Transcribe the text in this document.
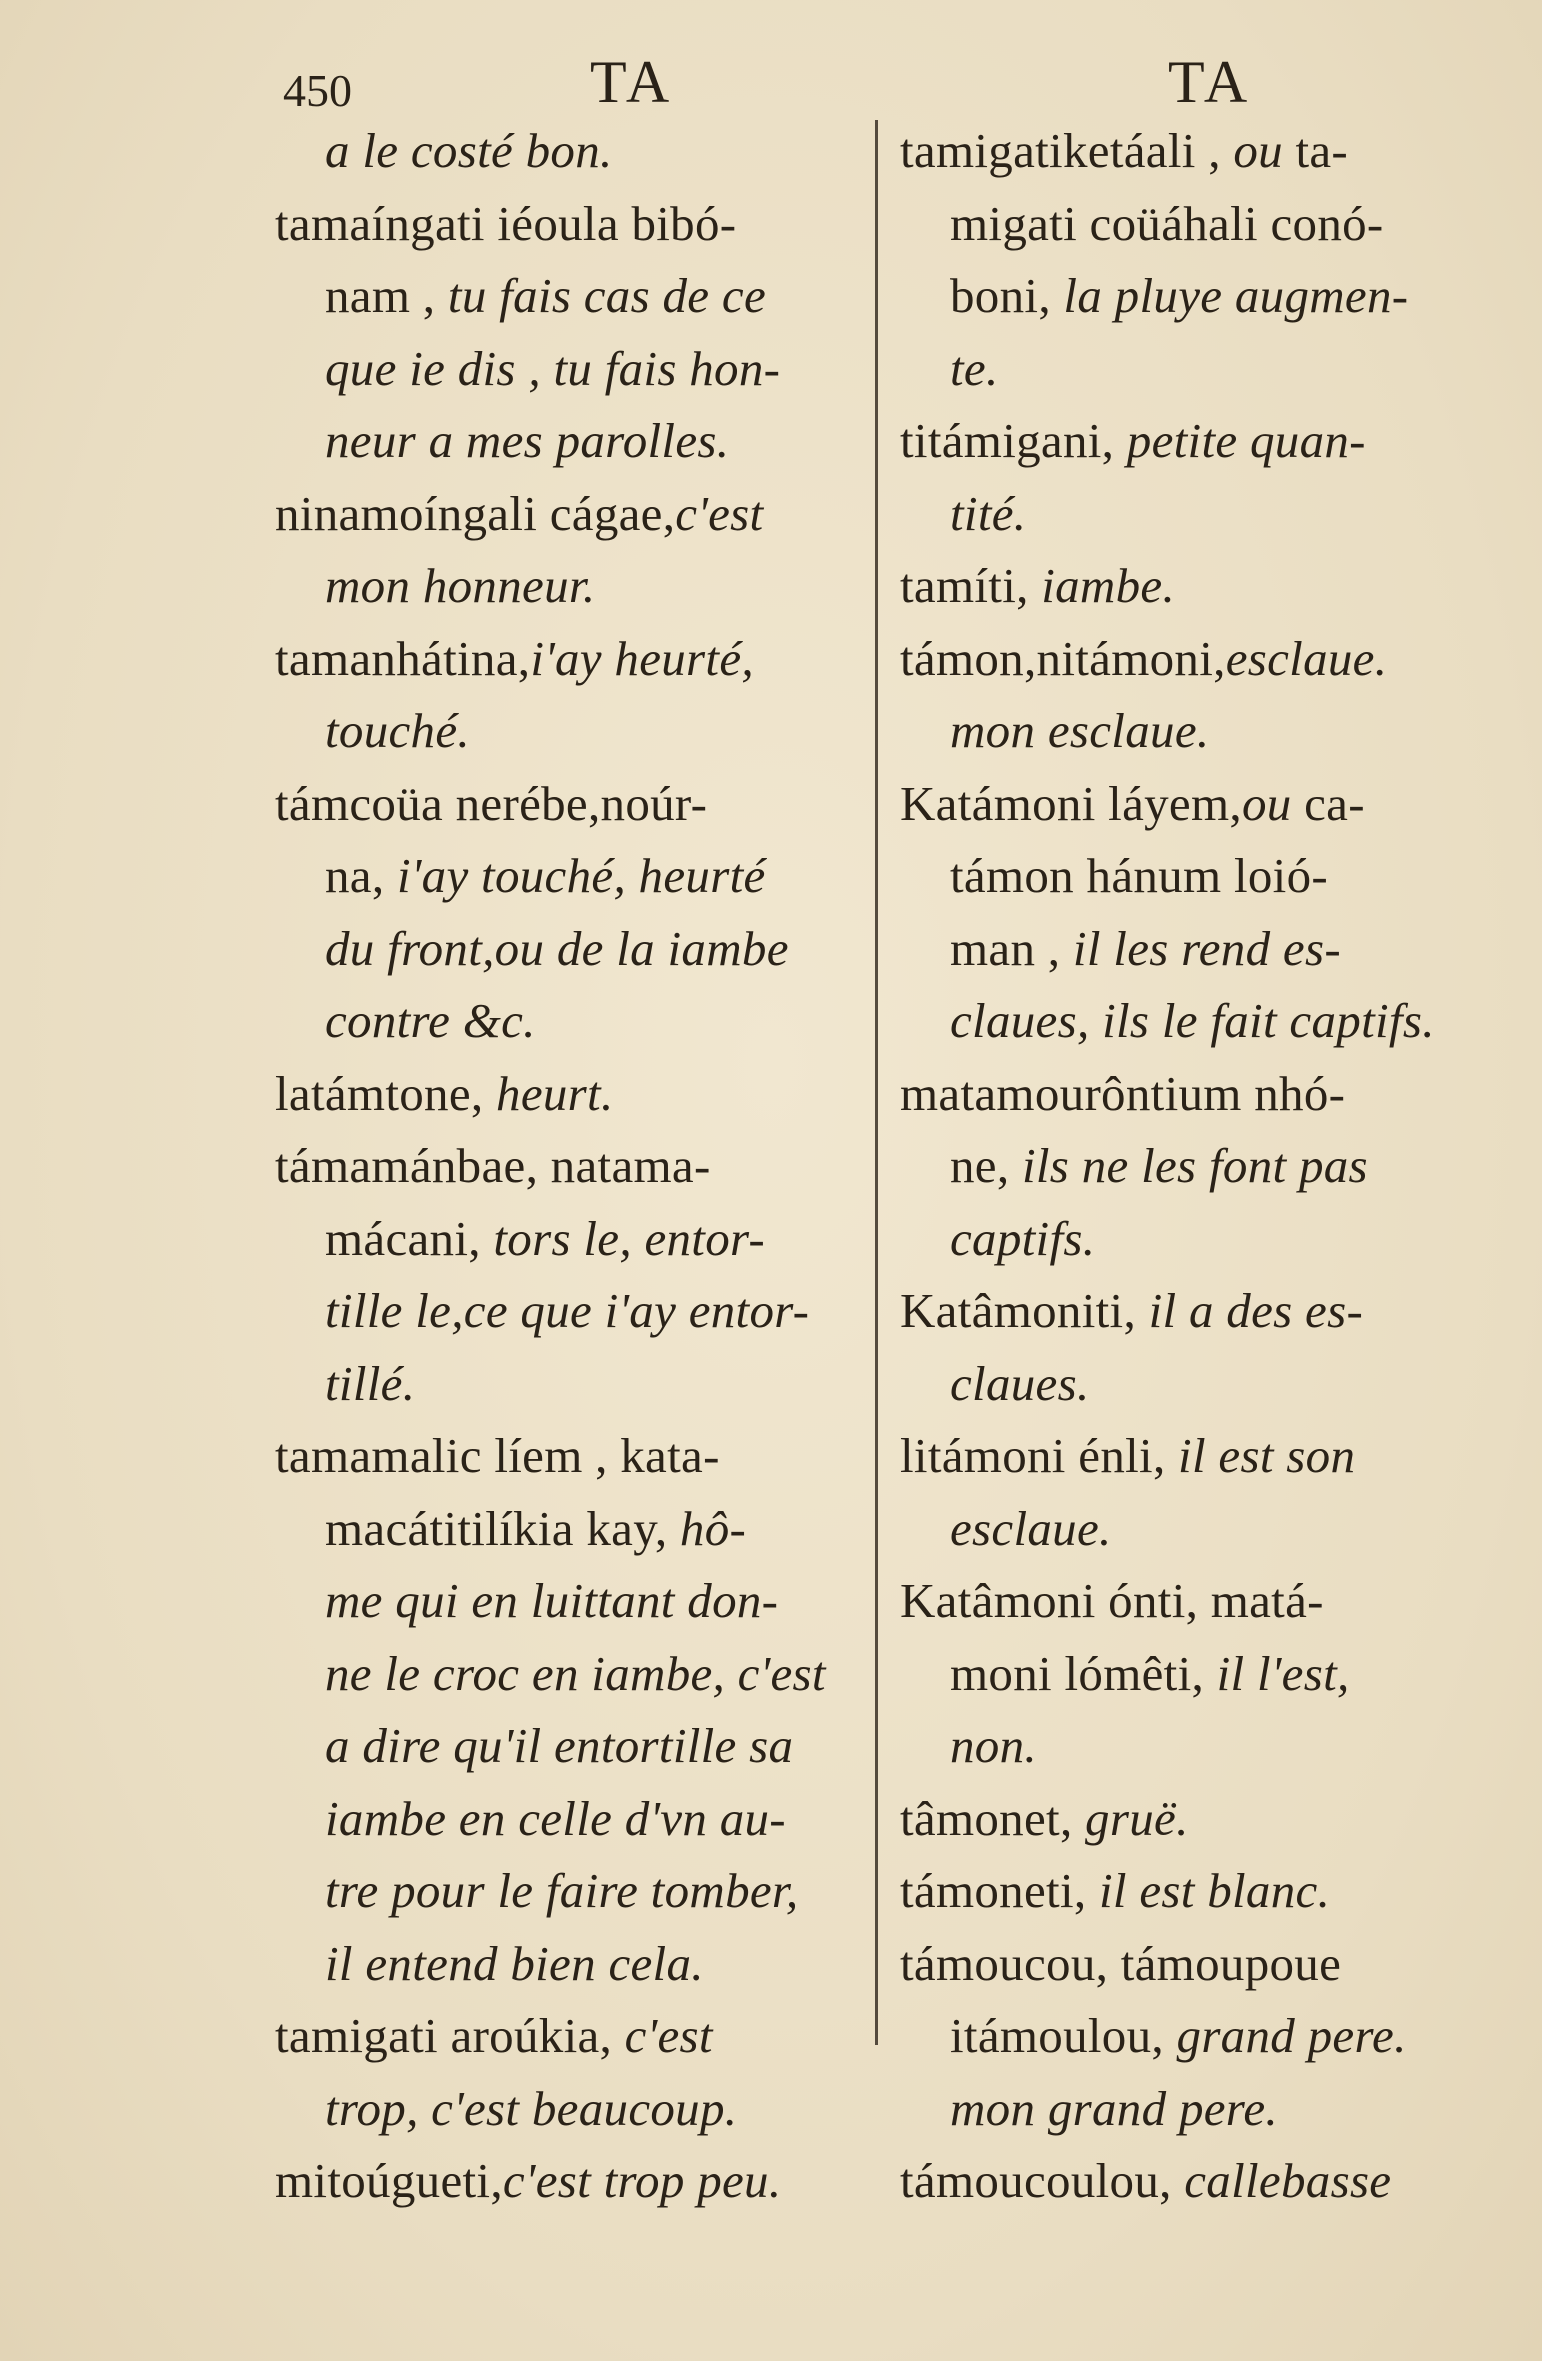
450	TA	TA
a le costé bon.
tamaíngati iéoula bibó-
nam , tu fais cas de ce
que ie dis , tu fais hon-
neur a mes parolles.
ninamoíngali cágae,c'est
mon honneur.
tamanhátina,i'ay heurté,
touché.
támcoüa nerébe,noúr-
na, i'ay touché, heurté
du front,ou de la iambe
contre &c.
latámtone, heurt.
támamánbae, natama-
mácani, tors le, entor-
tille le,ce que i'ay entor-
tillé.
tamamalic líem , kata-
macátitilíkia kay, hô-
me qui en luittant don-
ne le croc en iambe, c'est
a dire qu'il entortille sa
iambe en celle d'vn au-
tre pour le faire tomber,
il entend bien cela.
tamigati aroúkia, c'est
trop, c'est beaucoup.
mitoúgueti,c'est trop peu.
tamigatiketáali , ou ta-
migati coüáhali conó-
boni, la pluye augmen-
te.
titámigani, petite quan-
tité.
tamíti, iambe.
támon,nitámoni,esclaue.
mon esclaue.
Katámoni láyem,ou ca-
támon hánum loió-
man , il les rend es-
claues, ils le fait captifs.
matamourôntium nhó-
ne, ils ne les font pas
captifs.
Katâmoniti, il a des es-
claues.
litámoni énli, il est son
esclaue.
Katâmoni ónti, matá-
moni lómêti, il l'est,
non.
tâmonet, gruë.
támoneti, il est blanc.
támoucou, támoupoue
itámoulou, grand pere.
mon grand pere.
támoucoulou, callebasse
